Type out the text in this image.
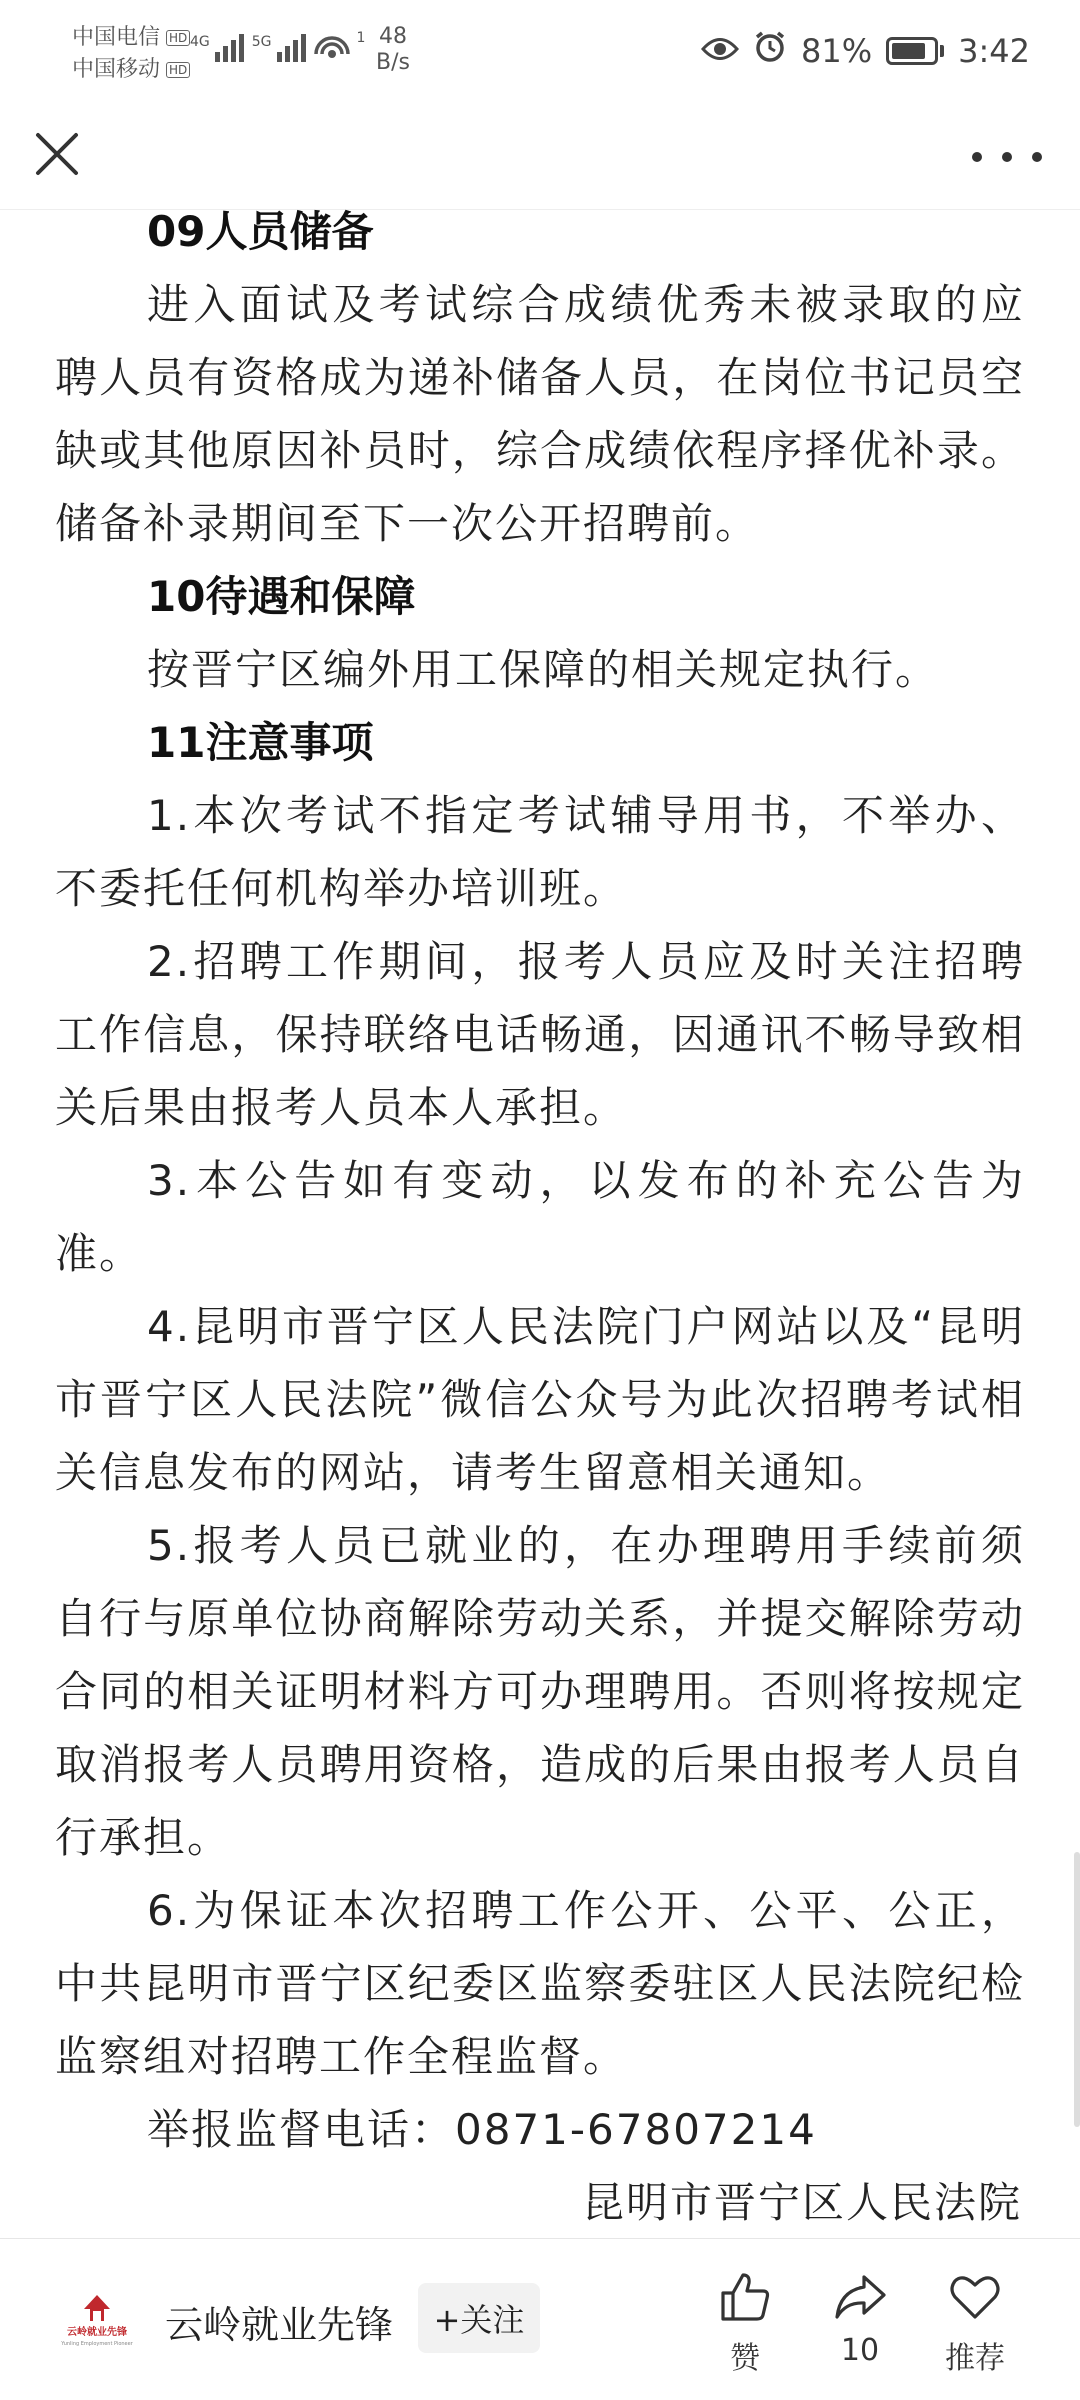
中国电信 HD
中国移动 HD
4G	5G	1 48
B/s	81%	3:42
09人员储备
进入面试及考试综合成绩优秀未被录取的应聘人员有资格成为递补储备人员，在岗位书记员空缺或其他原因补员时，综合成绩依程序择优补录。储备补录期间至下一次公开招聘前。
10待遇和保障
按晋宁区编外用工保障的相关规定执行。
11注意事项
1.本次考试不指定考试辅导用书，不举办、不委托任何机构举办培训班。
2.招聘工作期间，报考人员应及时关注招聘工作信息，保持联络电话畅通，因通讯不畅导致相关后果由报考人员本人承担。
3.本公告如有变动，以发布的补充公告为准。
4.昆明市晋宁区人民法院门户网站以及“昆明市晋宁区人民法院”微信公众号为此次招聘考试相关信息发布的网站，请考生留意相关通知。
5.报考人员已就业的，在办理聘用手续前须自行与原单位协商解除劳动关系，并提交解除劳动合同的相关证明材料方可办理聘用。否则将按规定取消报考人员聘用资格，造成的后果由报考人员自行承担。
6.为保证本次招聘工作公开、公平、公正，中共昆明市晋宁区纪委区监察委驻区人民法院纪检监察组对招聘工作全程监督。
举报监督电话：0871-67807214
昆明市晋宁区人民法院
云岭就业先锋
Yunling Employment Pioneer 云岭就业先锋	+关注
赞	10	推荐
